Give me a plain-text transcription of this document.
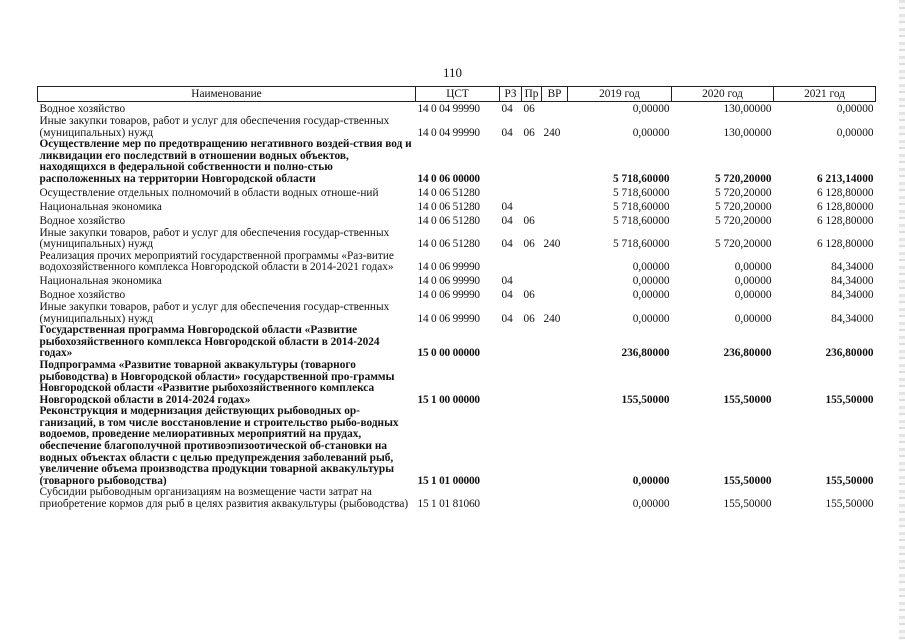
110
Наименование	ЦСТ	РЗ	Пр	ВР	2019 год	2020 год	2021 год
Водное хозяйство	14 0 04 99990	04	06		0,00000	130,00000	0,00000
Иные закупки товаров, работ и услуг для обеспечения государ-ственных (муниципальных) нужд	14 0 04 99990	04	06	240	0,00000	130,00000	0,00000
Осуществление мер по предотвращению негативного воздей-ствия вод и ликвидации его последствий в отношении водных объектов, находящихся в федеральной собственности и полно-стью расположенных на территории Новгородской области	14 0 06 00000				5 718,60000	5 720,20000	6 213,14000
Осуществление отдельных полномочий в области водных отноше-ний	14 0 06 51280				5 718,60000	5 720,20000	6 128,80000
Национальная экономика	14 0 06 51280	04			5 718,60000	5 720,20000	6 128,80000
Водное хозяйство	14 0 06 51280	04	06		5 718,60000	5 720,20000	6 128,80000
Иные закупки товаров, работ и услуг для обеспечения государ-ственных (муниципальных) нужд	14 0 06 51280	04	06	240	5 718,60000	5 720,20000	6 128,80000
Реализация прочих мероприятий государственной программы «Раз-витие водохозяйственного комплекса Новгородской области в 2014-2021 годах»	14 0 06 99990				0,00000	0,00000	84,34000
Национальная экономика	14 0 06 99990	04			0,00000	0,00000	84,34000
Водное хозяйство	14 0 06 99990	04	06		0,00000	0,00000	84,34000
Иные закупки товаров, работ и услуг для обеспечения государ-ственных (муниципальных) нужд	14 0 06 99990	04	06	240	0,00000	0,00000	84,34000
Государственная программа Новгородской области «Развитие рыбохозяйственного комплекса Новгородской области в 2014-2024 годах»	15 0 00 00000				236,80000	236,80000	236,80000
Подпрограмма «Развитие товарной аквакультуры (товарного рыбоводства) в Новгородской области» государственной про-граммы Новгородской области «Развитие рыбохозяйственного комплекса Новгородской области в 2014-2024 годах»	15 1 00 00000				155,50000	155,50000	155,50000
Реконструкция и модернизация действующих рыбоводных ор-ганизаций, в том числе восстановление и строительство рыбо-водных водоемов, проведение мелиоративных мероприятий на прудах, обеспечение благополучной противоэпизоотической об-становки на водных объектах области с целью предупреждения заболеваний рыб, увеличение объема производства продукции товарной аквакультуры (товарного рыбоводства)	15 1 01 00000				0,00000	155,50000	155,50000
Субсидии рыбоводным организациям на возмещение части затрат на приобретение кормов для рыб в целях развития аквакультуры (рыбоводства)	15 1 01 81060				0,00000	155,50000	155,50000
